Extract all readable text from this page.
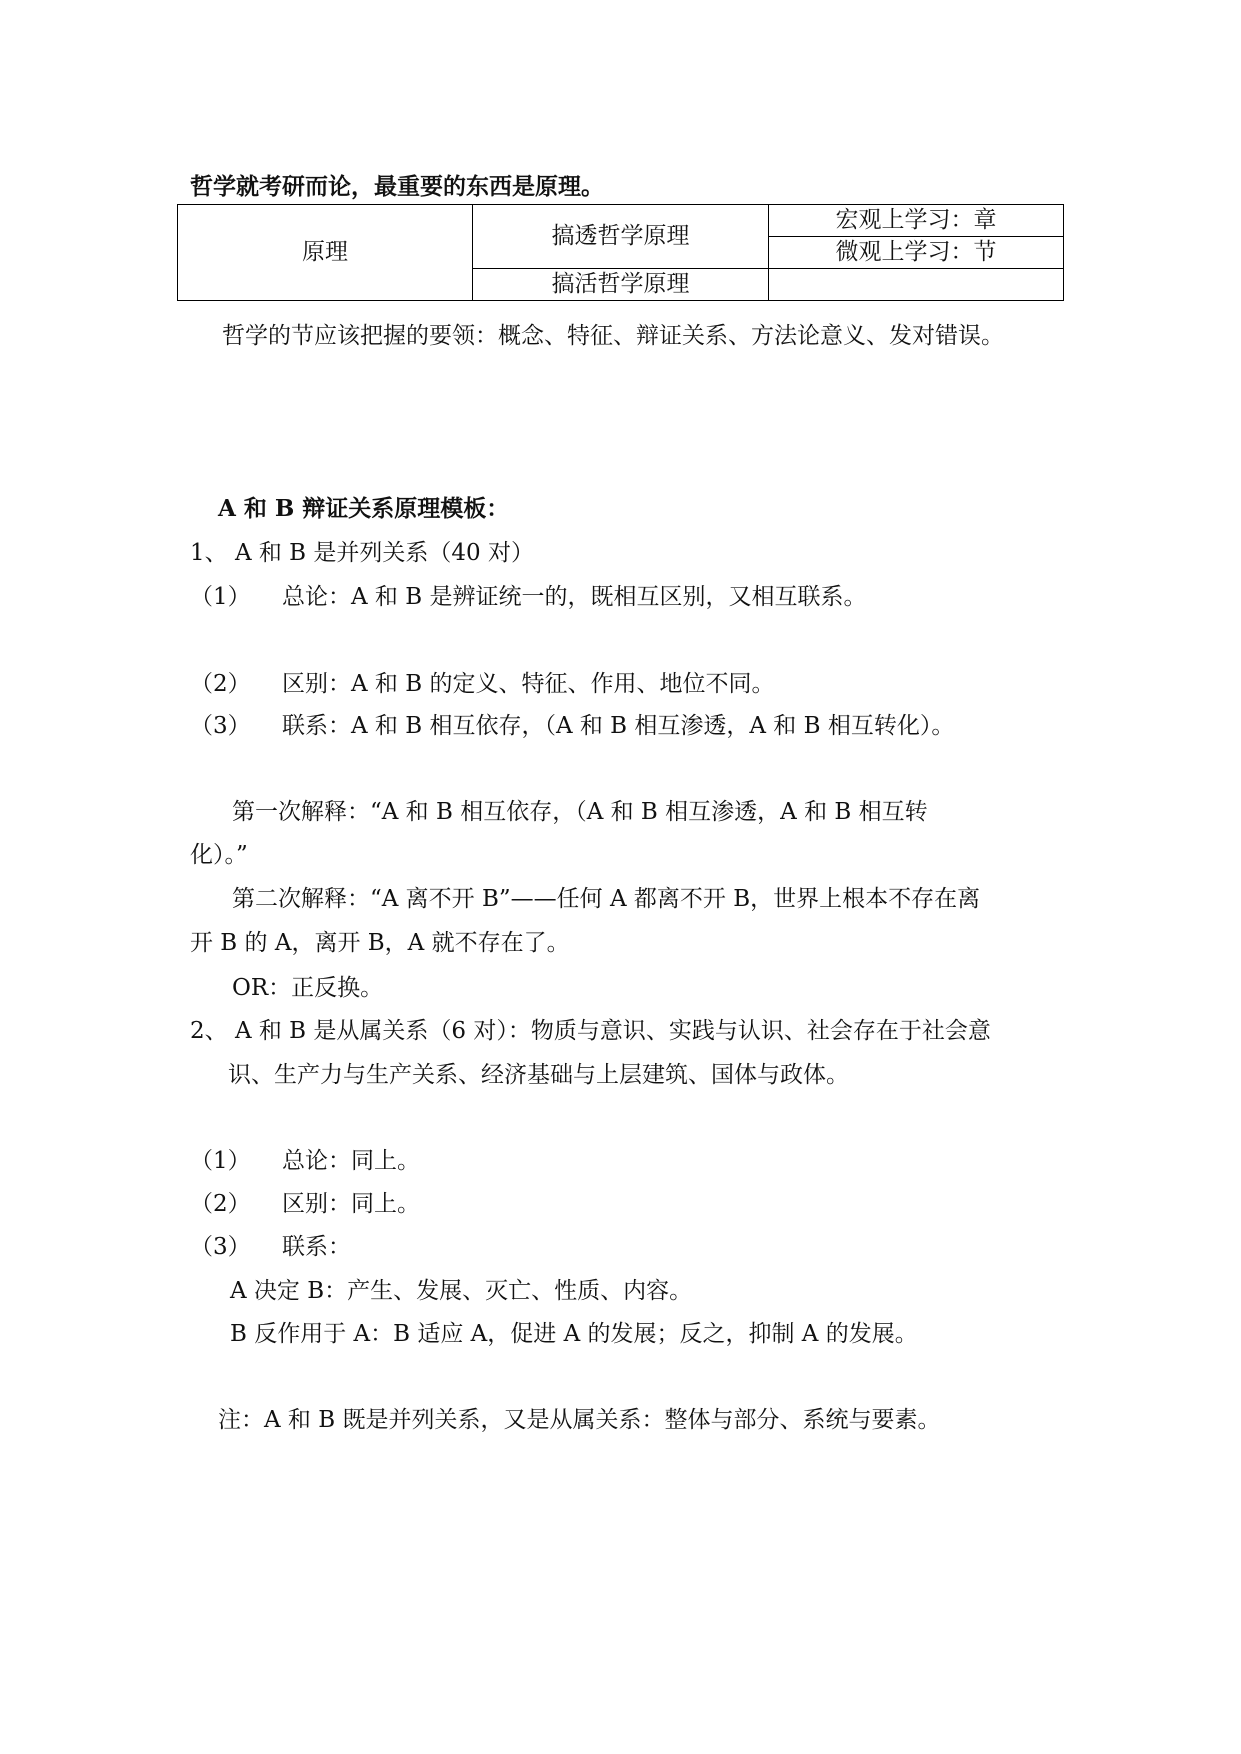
哲学就考研而论，最重要的东西是原理。

原理	搞透哲学原理	宏观上学习：章
		微观上学习：节
	搞活哲学原理	

哲学的节应该把握的要领：概念、特征、辩证关系、方法论意义、发对错误。

A 和 B 辩证关系原理模板：

1、 A 和 B 是并列关系（40 对）

（1） 总论：A 和 B 是辨证统一的，既相互区别，又相互联系。

（2） 区别：A 和 B 的定义、特征、作用、地位不同。

（3） 联系：A 和 B 相互依存，（A 和 B 相互渗透，A 和 B 相互转化）。

第一次解释：“A 和 B 相互依存，（A 和 B 相互渗透，A 和 B 相互转

化）。”

第二次解释：“A 离不开 B”——任何 A 都离不开 B，世界上根本不存在离

开 B 的 A，离开 B，A 就不存在了。

OR：正反换。

2、 A 和 B 是从属关系（6 对）：物质与意识、实践与认识、社会存在于社会意

识、生产力与生产关系、经济基础与上层建筑、国体与政体。

（1） 总论：同上。

（2） 区别：同上。

（3） 联系：

A 决定 B：产生、发展、灭亡、性质、内容。

B 反作用于 A：B 适应 A，促进 A 的发展；反之，抑制 A 的发展。

注：A 和 B 既是并列关系，又是从属关系：整体与部分、系统与要素。
